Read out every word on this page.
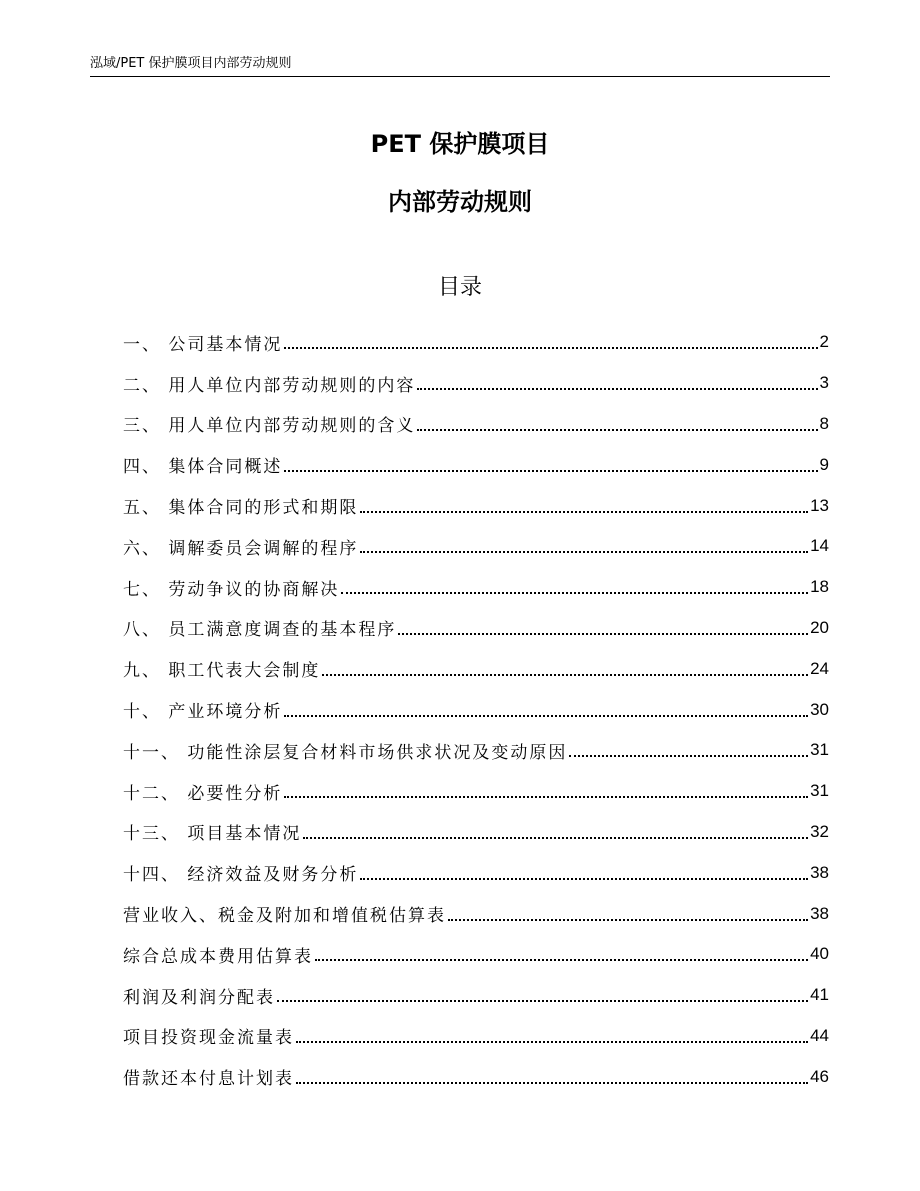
泓域/PET 保护膜项目内部劳动规则
PET 保护膜项目
内部劳动规则
目录
一、 公司基本情况	2
二、 用人单位内部劳动规则的内容	3
三、 用人单位内部劳动规则的含义	8
四、 集体合同概述	9
五、 集体合同的形式和期限	13
六、 调解委员会调解的程序	14
七、 劳动争议的协商解决	18
八、 员工满意度调查的基本程序	20
九、 职工代表大会制度	24
十、 产业环境分析	30
十一、 功能性涂层复合材料市场供求状况及变动原因	31
十二、 必要性分析	31
十三、 项目基本情况	32
十四、 经济效益及财务分析	38
营业收入、税金及附加和增值税估算表	38
综合总成本费用估算表	40
利润及利润分配表	41
项目投资现金流量表	44
借款还本付息计划表	46
